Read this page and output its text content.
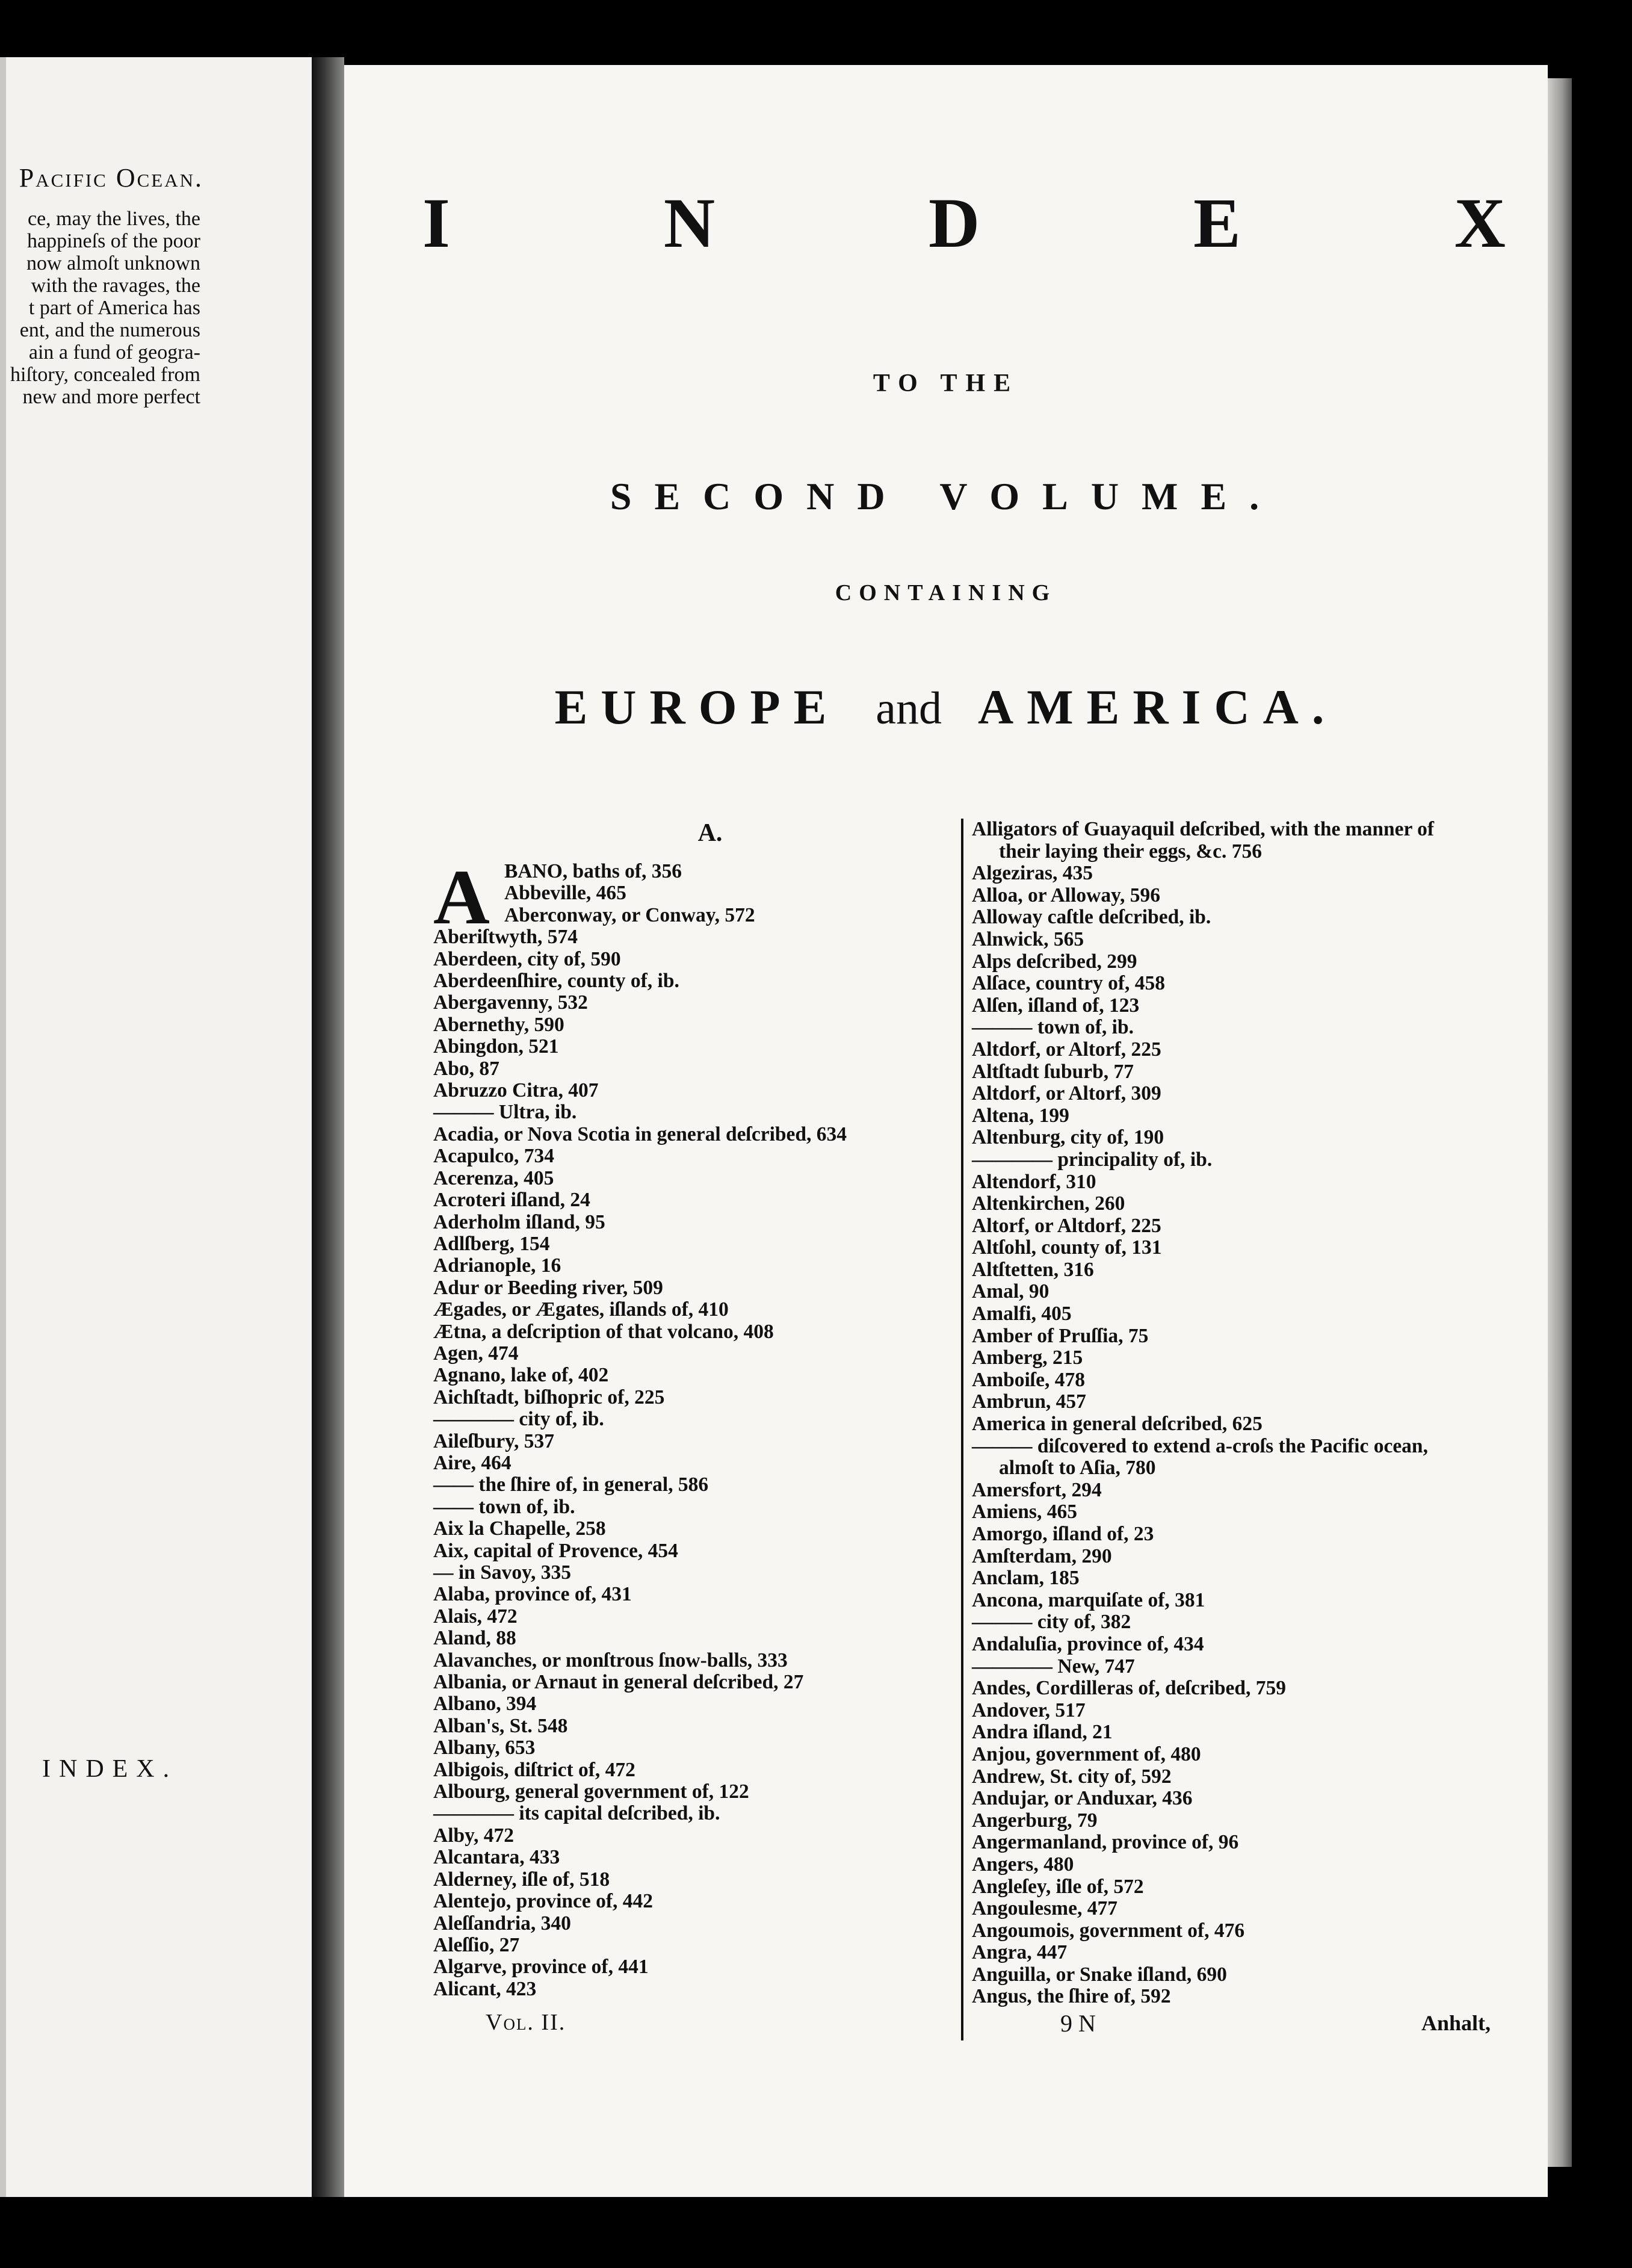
Pacific Ocean.
ce, may the lives, the
happineſs of the poor
now almoſt unknown
with the ravages, the
t part of America has
ent, and the numerous
ain a fund of geogra-
hiſtory, concealed from
new and more perfect
INDEX.
I	N	D	E	X
TO THE
SECOND VOLUME.
CONTAINING
EUROPE and AMERICA.
A.
A BANO, baths of, 356
Abbeville, 465
Aberconway, or Conway, 572
Aberiſtwyth, 574
Aberdeen, city of, 590
Aberdeenſhire, county of, ib.
Abergavenny, 532
Abernethy, 590
Abingdon, 521
Abo, 87
Abruzzo Citra, 407
——— Ultra, ib.
Acadia, or Nova Scotia in general deſcribed, 634
Acapulco, 734
Acerenza, 405
Acroteri iſland, 24
Aderholm iſland, 95
Adlſberg, 154
Adrianople, 16
Adur or Beeding river, 509
Ægades, or Ægates, iſlands of, 410
Ætna, a deſcription of that volcano, 408
Agen, 474
Agnano, lake of, 402
Aichſtadt, biſhopric of, 225
———— city of, ib.
Aileſbury, 537
Aire, 464
—— the ſhire of, in general, 586
—— town of, ib.
Aix la Chapelle, 258
Aix, capital of Provence, 454
— in Savoy, 335
Alaba, province of, 431
Alais, 472
Aland, 88
Alavanches, or monſtrous ſnow-balls, 333
Albania, or Arnaut in general deſcribed, 27
Albano, 394
Alban's, St. 548
Albany, 653
Albigois, diſtrict of, 472
Albourg, general government of, 122
———— its capital deſcribed, ib.
Alby, 472
Alcantara, 433
Alderney, iſle of, 518
Alentejo, province of, 442
Aleſſandria, 340
Aleſſio, 27
Algarve, province of, 441
Alicant, 423
Alligators of Guayaquil deſcribed, with the manner of
their laying their eggs, &c. 756
Algeziras, 435
Alloa, or Alloway, 596
Alloway caſtle deſcribed, ib.
Alnwick, 565
Alps deſcribed, 299
Alſace, country of, 458
Alſen, iſland of, 123
——— town of, ib.
Altdorf, or Altorf, 225
Altſtadt ſuburb, 77
Altdorf, or Altorf, 309
Altena, 199
Altenburg, city of, 190
———— principality of, ib.
Altendorf, 310
Altenkirchen, 260
Altorf, or Altdorf, 225
Altſohl, county of, 131
Altſtetten, 316
Amal, 90
Amalfi, 405
Amber of Pruſſia, 75
Amberg, 215
Amboiſe, 478
Ambrun, 457
America in general deſcribed, 625
——— diſcovered to extend a-croſs the Pacific ocean,
almoſt to Aſia, 780
Amersfort, 294
Amiens, 465
Amorgo, iſland of, 23
Amſterdam, 290
Anclam, 185
Ancona, marquiſate of, 381
——— city of, 382
Andaluſia, province of, 434
———— New, 747
Andes, Cordilleras of, deſcribed, 759
Andover, 517
Andra iſland, 21
Anjou, government of, 480
Andrew, St. city of, 592
Andujar, or Anduxar, 436
Angerburg, 79
Angermanland, province of, 96
Angers, 480
Angleſey, iſle of, 572
Angoulesme, 477
Angoumois, government of, 476
Angra, 447
Anguilla, or Snake iſland, 690
Angus, the ſhire of, 592
Vol. II.	9 N	Anhalt,
